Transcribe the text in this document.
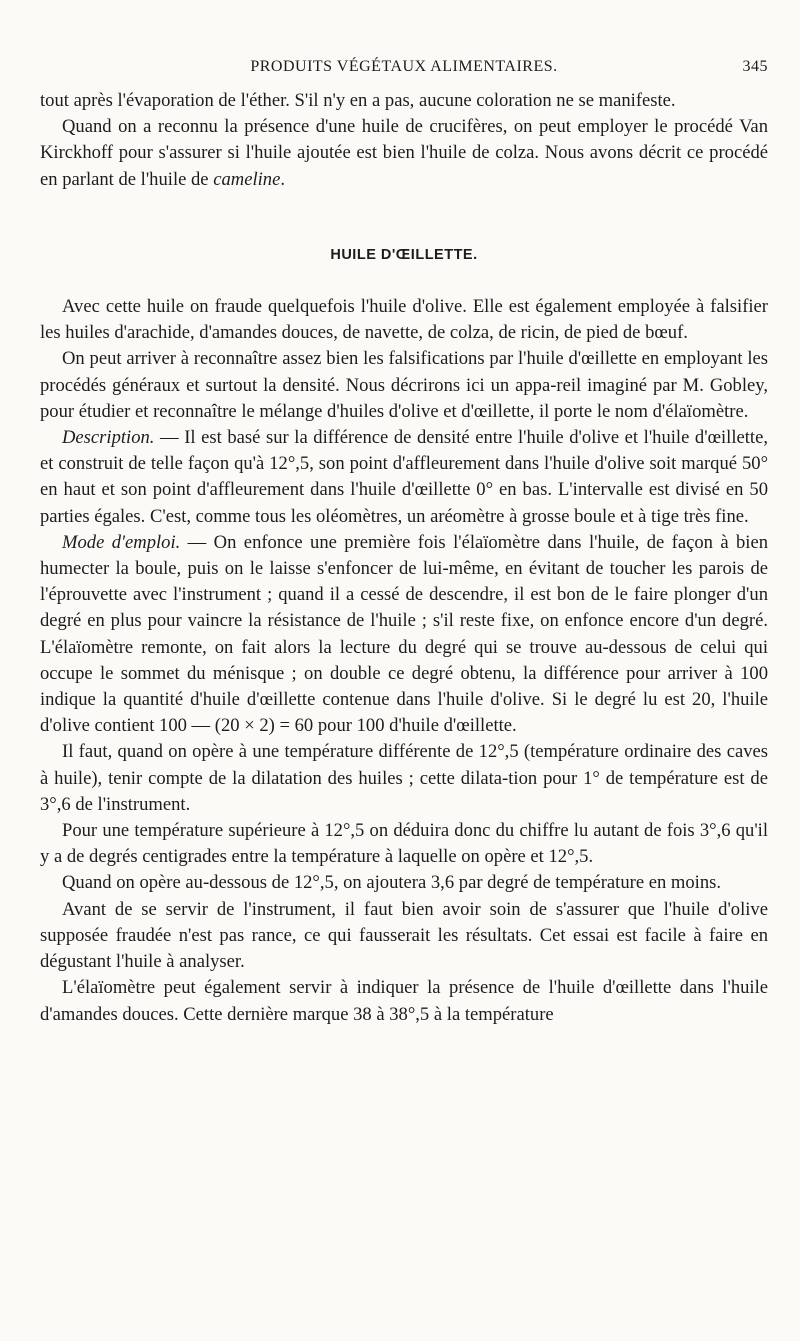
PRODUITS VÉGÉTAUX ALIMENTAIRES.	345

tout après l'évaporation de l'éther. S'il n'y en a pas, aucune coloration ne se manifeste.

Quand on a reconnu la présence d'une huile de crucifères, on peut employer le procédé Van Kirckhoff pour s'assurer si l'huile ajoutée est bien l'huile de colza. Nous avons décrit ce procédé en parlant de l'huile de cameline.

HUILE D'ŒILLETTE.

Avec cette huile on fraude quelquefois l'huile d'olive. Elle est également employée à falsifier les huiles d'arachide, d'amandes douces, de navette, de colza, de ricin, de pied de bœuf.

On peut arriver à reconnaître assez bien les falsifications par l'huile d'œillette en employant les procédés généraux et surtout la densité. Nous décrirons ici un appa-reil imaginé par M. Gobley, pour étudier et reconnaître le mélange d'huiles d'olive et d'œillette, il porte le nom d'élaïomètre.

Description. — Il est basé sur la différence de densité entre l'huile d'olive et l'huile d'œillette, et construit de telle façon qu'à 12°,5, son point d'affleurement dans l'huile d'olive soit marqué 50° en haut et son point d'affleurement dans l'huile d'œillette 0° en bas. L'intervalle est divisé en 50 parties égales. C'est, comme tous les oléomètres, un aréomètre à grosse boule et à tige très fine.

Mode d'emploi. — On enfonce une première fois l'élaïomètre dans l'huile, de façon à bien humecter la boule, puis on le laisse s'enfoncer de lui-même, en évitant de toucher les parois de l'éprouvette avec l'instrument ; quand il a cessé de descendre, il est bon de le faire plonger d'un degré en plus pour vaincre la résistance de l'huile ; s'il reste fixe, on enfonce encore d'un degré. L'élaïomètre remonte, on fait alors la lecture du degré qui se trouve au-dessous de celui qui occupe le sommet du ménisque ; on double ce degré obtenu, la différence pour arriver à 100 indique la quantité d'huile d'œillette contenue dans l'huile d'olive. Si le degré lu est 20, l'huile d'olive contient 100 — (20 × 2) = 60 pour 100 d'huile d'œillette.

Il faut, quand on opère à une température différente de 12°,5 (température ordinaire des caves à huile), tenir compte de la dilatation des huiles ; cette dilata-tion pour 1° de température est de 3°,6 de l'instrument.

Pour une température supérieure à 12°,5 on déduira donc du chiffre lu autant de fois 3°,6 qu'il y a de degrés centigrades entre la température à laquelle on opère et 12°,5.

Quand on opère au-dessous de 12°,5, on ajoutera 3,6 par degré de température en moins.

Avant de se servir de l'instrument, il faut bien avoir soin de s'assurer que l'huile d'olive supposée fraudée n'est pas rance, ce qui fausserait les résultats. Cet essai est facile à faire en dégustant l'huile à analyser.

L'élaïomètre peut également servir à indiquer la présence de l'huile d'œillette dans l'huile d'amandes douces. Cette dernière marque 38 à 38°,5 à la température
